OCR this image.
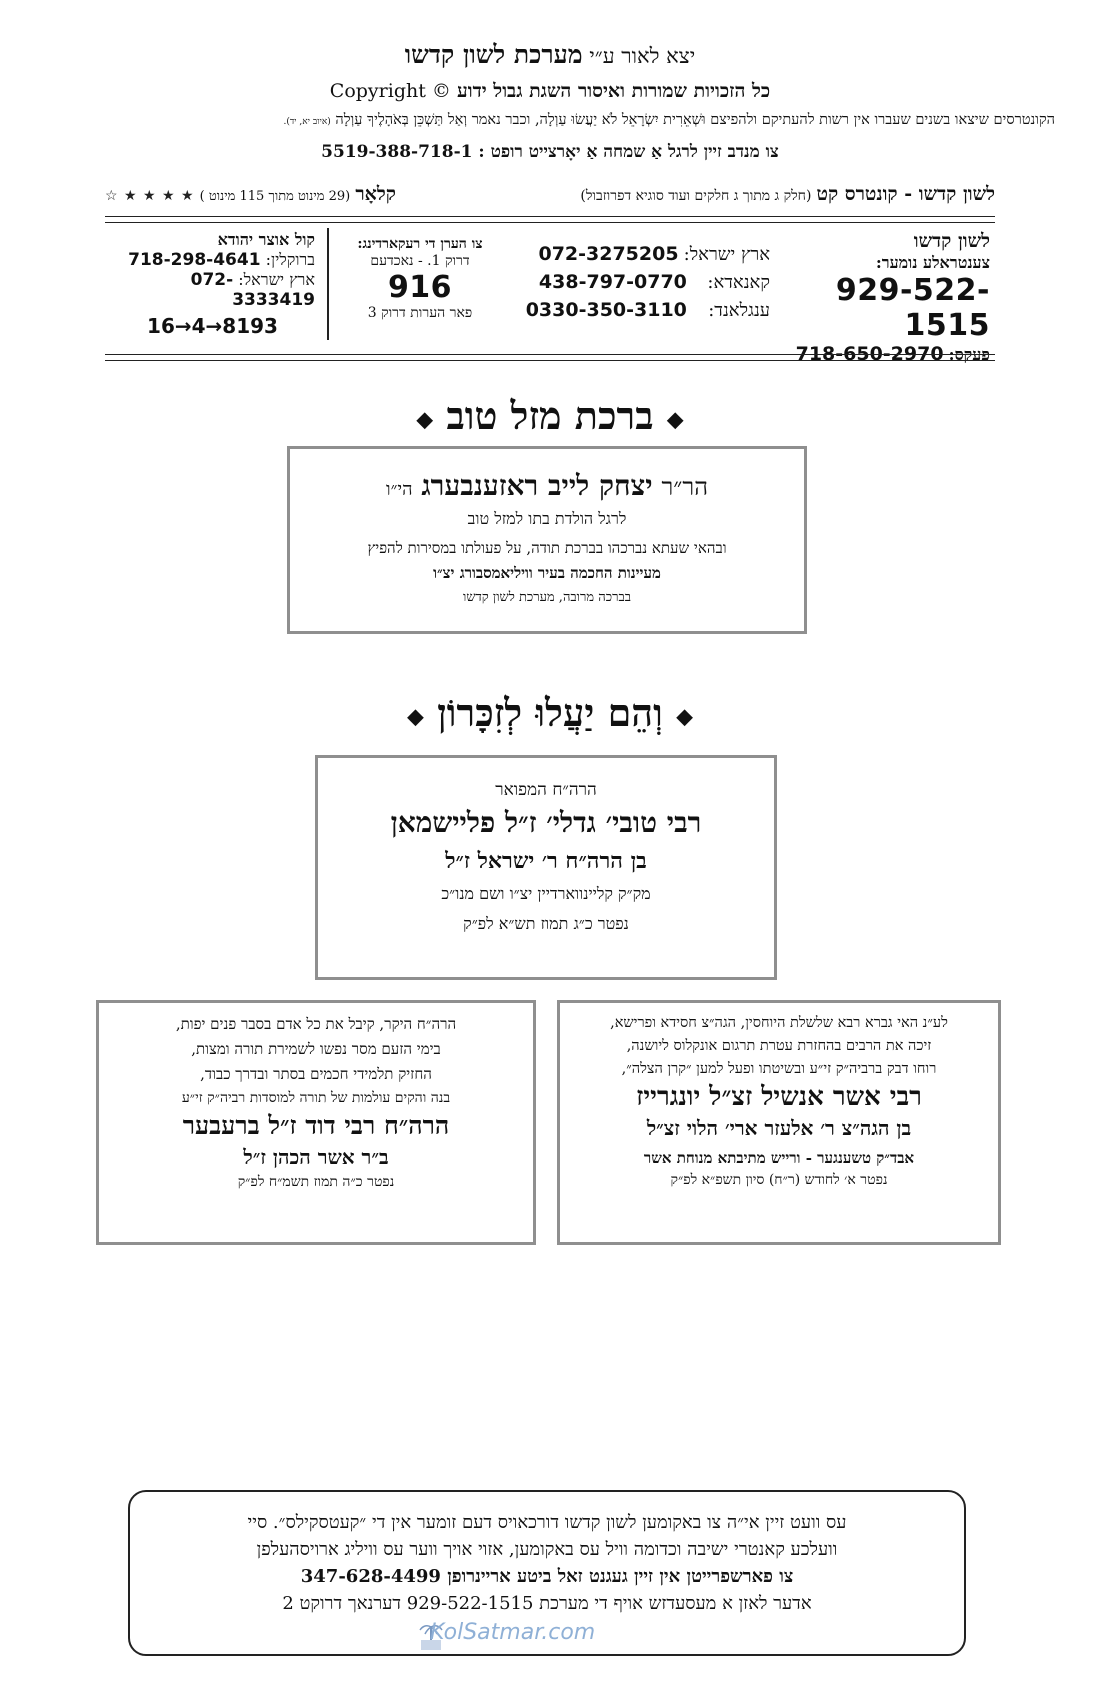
יצא לאור ע״י מערכת לשון קדשו
כל הזכויות שמורות ואיסור השגת גבול ידוע Copyright ©
הקונטרסים שיצאו בשנים שעברו אין רשות להעתיקם ולהפיצם וּשְׁאֵרִית יִשְׂרָאֵל לֹא יַעֲשׂוּ עַוְלָה, וכבר נאמר וְאַל תַּשְׁכֵּן בְּאֹהָלֶיךָ עַוְלָה (איוב יא, יד).
צו מנדב זיין לרגל אַ שמחה אַ יאָרצייט רופט : 5519-388-718-1
לשון קדשו - קונטרס קט (חלק ג מתוך ג חלקים ועוד סוגיא דפרוזבול)
קלאָר (29 מינוט מתוך 115 מינוט ) ★ ★ ★ ★ ☆
לשון קדשו
צענטראלע נומער:
929-522-1515
פעקס: 718-650-2970
ארץ ישראל: 072-3275205
קאנאדא: 438-797-0770
ענגלאנד: 0330-350-3110
צו הערן די רעקארדינג:
דרוק 1. - נאכדעם
916
פאר הערות דרוק 3
קול אוצר יהודא
ברוקלין: 718-298-4641
ארץ ישראל: 072-3333419
16→4→8193
◆ ברכת מזל טוב ◆
הר״ר יצחק לייב ראזענבערג הי״ו
לרגל הולדת בתו למזל טוב
ובהאי שעתא נברכהו בברכת תודה, על פעולתו במסירות להפיץ
מעיינות החכמה בעיר וויליאמסבורג יצ״ו
בברכה מרובה, מערכת לשון קדשו
◆ וְהֵם יַעֲלוּ לְזִכָּרוֹן ◆
הרה״ח המפואר
רבי טובי׳ גדלי׳ ז״ל פליישמאן
בן הרה״ח ר׳ ישראל ז״ל
מק״ק קליינווארדיין יצ״ו ושם מנו״כ
נפטר כ״ג תמוז תש״א לפ״ק
לע״נ האי גברא רבא שלשלת היוחסין, הגה״צ חסידא ופרישא,
זיכה את הרבים בהחזרת עטרת תרגום אונקלוס ליושנה,
רוחו דבק ברביה״ק זי״ע ובשיטתו ופעל למען ״קרן הצלה״,
רבי אשר אנשיל זצ״ל יונגרייז
בן הגה״צ ר׳ אלעזר ארי׳ הלוי זצ״ל
אבד״ק טשענגער - ורייש מתיבתא מנוחת אשר
נפטר א׳ לחודש (ר״ח) סיון תשפ״א לפ״ק
הרה״ח היקר, קיבל את כל אדם בסבר פנים יפות,
בימי הזעם מסר נפשו לשמירת תורה ומצות,
החזיק תלמידי חכמים בסתר ובדרך כבוד,
בנה והקים עולמות של תורה למוסדות רביה״ק זי״ע
הרה״ח רבי דוד ז״ל ברעבער
ב״ר אשר הכהן ז״ל
נפטר כ״ה תמוז תשמ״ח לפ״ק
עס וועט זיין אי״ה צו באקומען לשון קדשו דורכאויס דעם זומער אין די ״קעטסקילס״. סיי
וועלכע קאנטרי ישיבה וכדומה וויל עס באקומען, אזוי אויך ווער עס וויליג ארויסהעלפן
צו פארשפרייטן אין זיין געגנט זאל ביטע אריינרופן 347-628-4499
אדער לאזן א מעסעדזש אויף די מערכת 929-522-1515 דערנאך דרוקט 2
KolSatmar.com
